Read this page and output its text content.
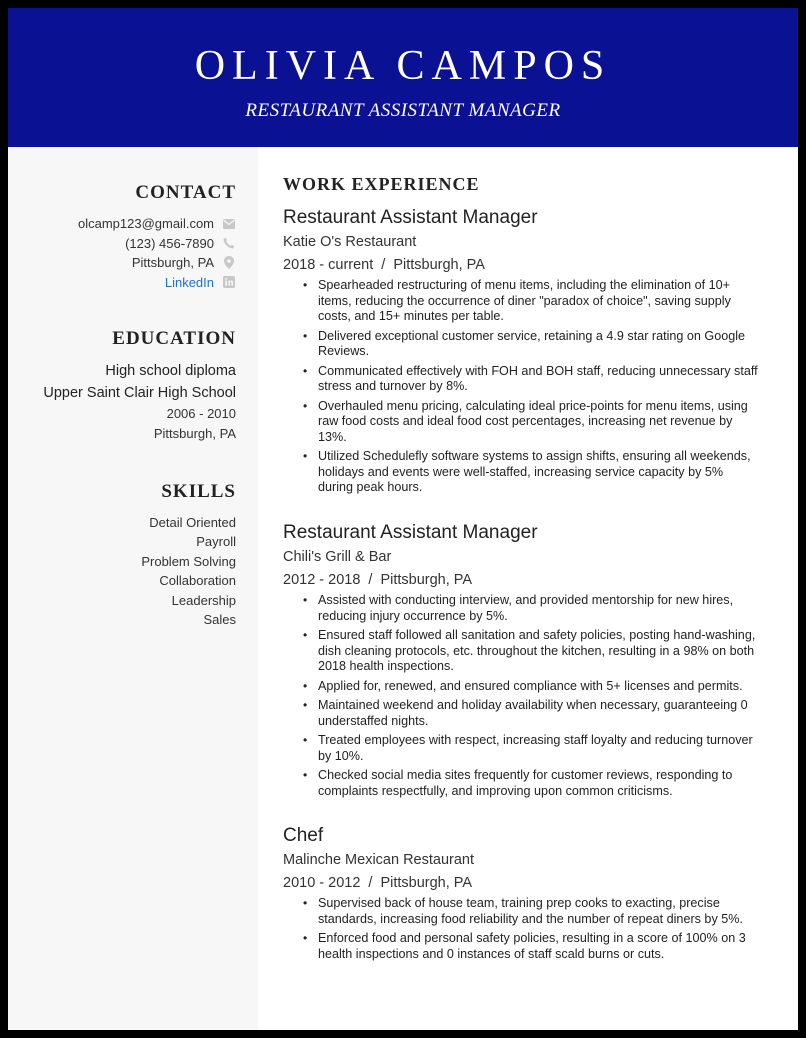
OLIVIA CAMPOS
RESTAURANT ASSISTANT MANAGER
CONTACT
olcamp123@gmail.com
(123) 456-7890
Pittsburgh, PA
LinkedIn
EDUCATION
High school diploma
Upper Saint Clair High School
2006 - 2010
Pittsburgh, PA
SKILLS
Detail Oriented
Payroll
Problem Solving
Collaboration
Leadership
Sales
WORK EXPERIENCE
Restaurant Assistant Manager
Katie O's Restaurant
2018 - current / Pittsburgh, PA
• Spearheaded restructuring of menu items, including the elimination of 10+ items, reducing the occurrence of diner "paradox of choice", saving supply costs, and 15+ minutes per table.
• Delivered exceptional customer service, retaining a 4.9 star rating on Google Reviews.
• Communicated effectively with FOH and BOH staff, reducing unnecessary staff stress and turnover by 8%.
• Overhauled menu pricing, calculating ideal price-points for menu items, using raw food costs and ideal food cost percentages, increasing net revenue by 13%.
• Utilized Schedulefly software systems to assign shifts, ensuring all weekends, holidays and events were well-staffed, increasing service capacity by 5% during peak hours.
Restaurant Assistant Manager
Chili's Grill & Bar
2012 - 2018 / Pittsburgh, PA
• Assisted with conducting interview, and provided mentorship for new hires, reducing injury occurrence by 5%.
• Ensured staff followed all sanitation and safety policies, posting hand-washing, dish cleaning protocols, etc. throughout the kitchen, resulting in a 98% on both 2018 health inspections.
• Applied for, renewed, and ensured compliance with 5+ licenses and permits.
• Maintained weekend and holiday availability when necessary, guaranteeing 0 understaffed nights.
• Treated employees with respect, increasing staff loyalty and reducing turnover by 10%.
• Checked social media sites frequently for customer reviews, responding to complaints respectfully, and improving upon common criticisms.
Chef
Malinche Mexican Restaurant
2010 - 2012 / Pittsburgh, PA
• Supervised back of house team, training prep cooks to exacting, precise standards, increasing food reliability and the number of repeat diners by 5%.
• Enforced food and personal safety policies, resulting in a score of 100% on 3 health inspections and 0 instances of staff scald burns or cuts.
